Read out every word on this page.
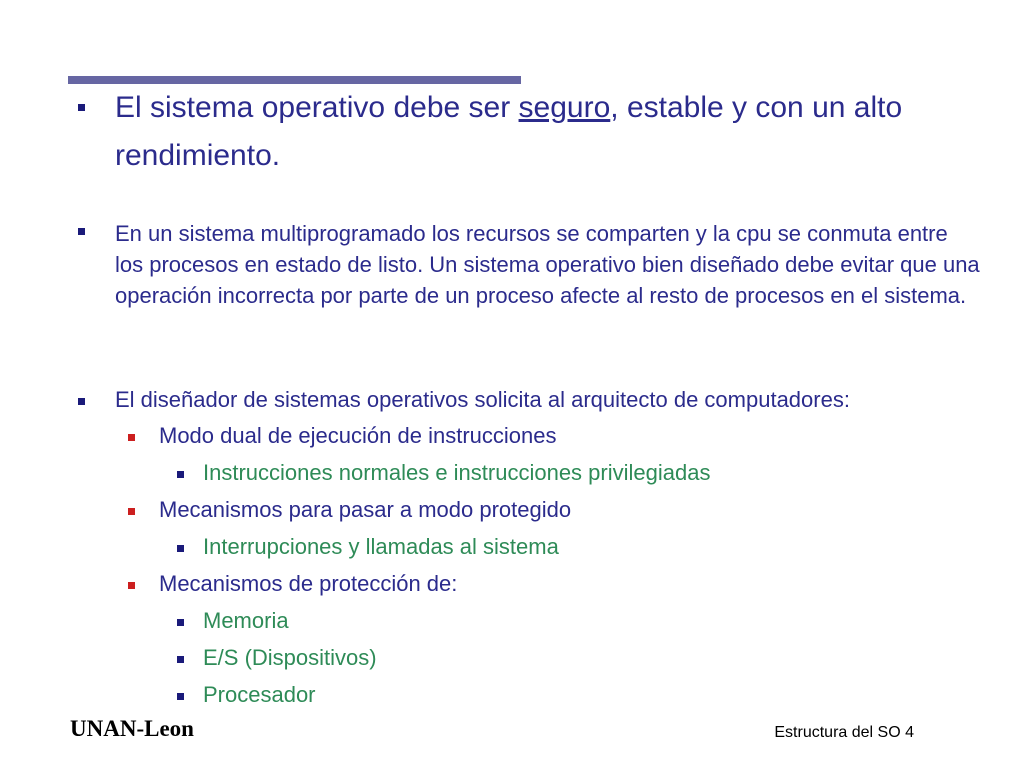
El sistema operativo debe ser seguro, estable y con un alto rendimiento.

En un sistema multiprogramado los recursos se comparten y la cpu se conmuta entre los procesos en estado de listo. Un sistema operativo bien diseñado debe evitar que una operación incorrecta por parte de un proceso afecte al resto de procesos en el sistema.

El diseñador de sistemas operativos solicita al arquitecto de computadores:

Modo dual de ejecución de instrucciones

Instrucciones normales e instrucciones privilegiadas

Mecanismos para pasar a modo protegido

Interrupciones y llamadas al sistema

Mecanismos de protección de:

Memoria

E/S (Dispositivos)

Procesador

UNAN-Leon	Estructura del SO 4
